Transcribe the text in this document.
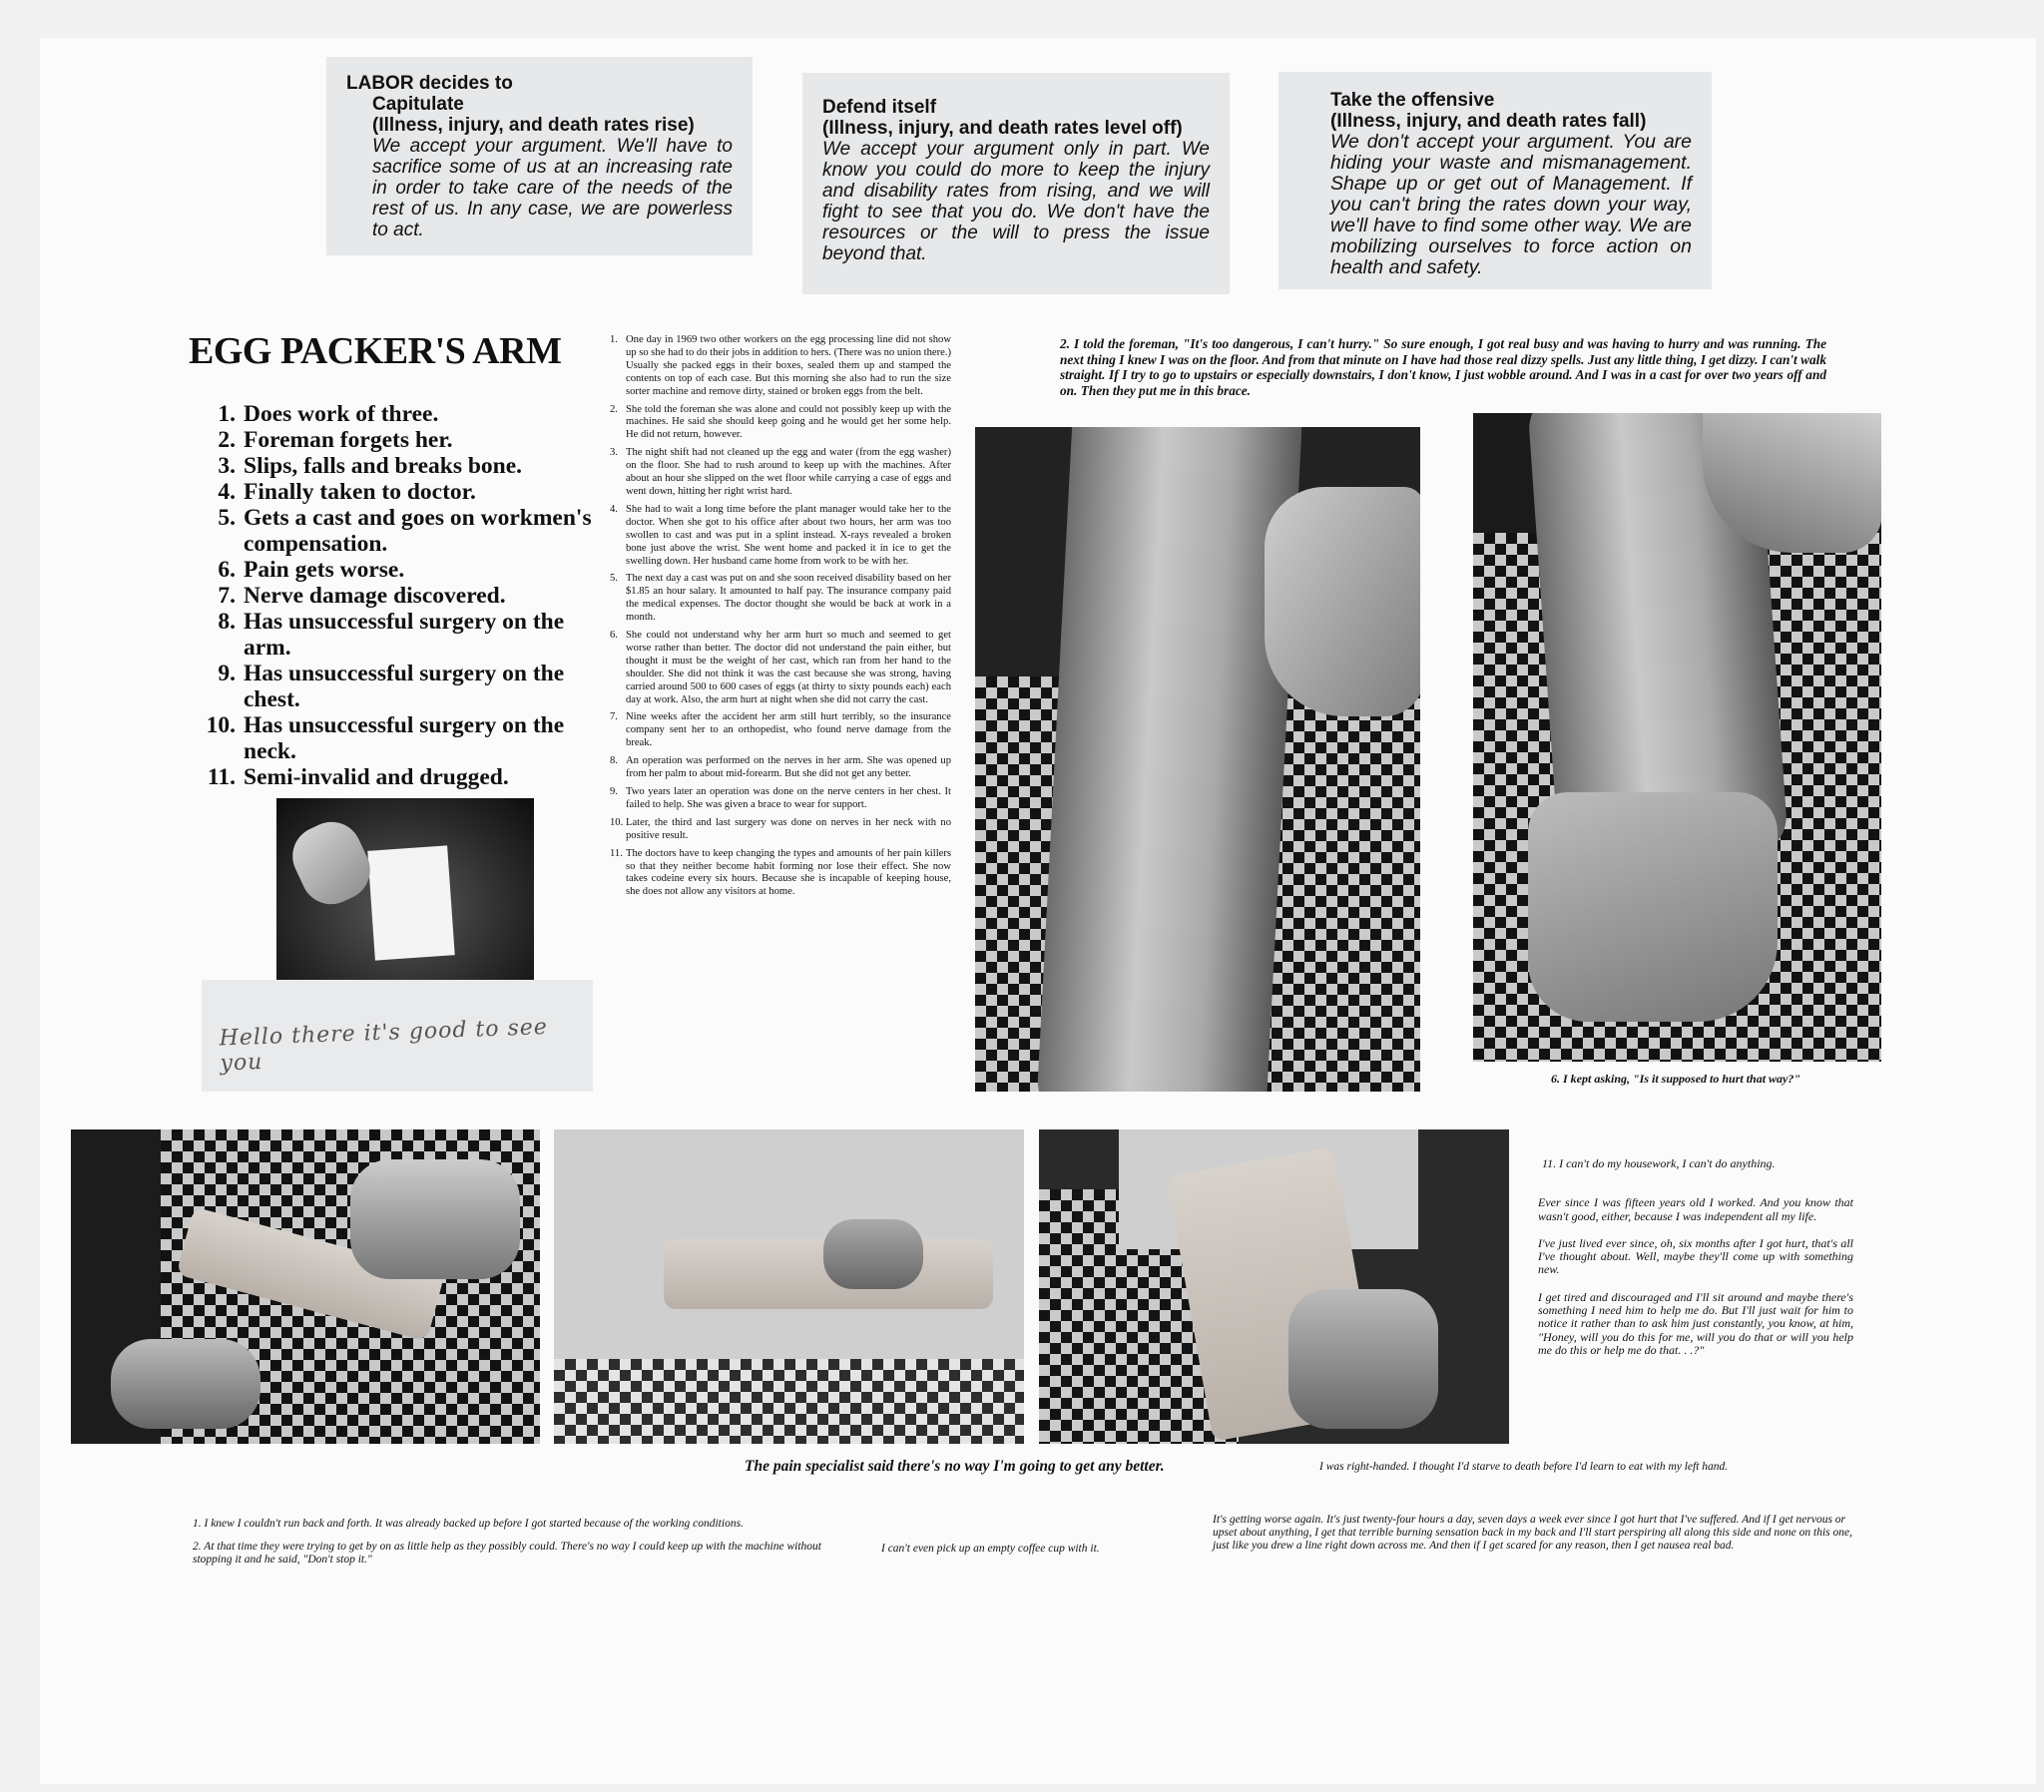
LABOR decides to
Capitulate
(Illness, injury, and death rates rise)
We accept your argument. We'll have to sacrifice some of us at an increasing rate in order to take care of the needs of the rest of us. In any case, we are powerless to act.
Defend itself
(Illness, injury, and death rates level off)
We accept your argument only in part. We know you could do more to keep the injury and disability rates from rising, and we will fight to see that you do. We don't have the resources or the will to press the issue beyond that.
Take the offensive
(Illness, injury, and death rates fall)
We don't accept your argument. You are hiding your waste and mismanagement. Shape up or get out of Management. If you can't bring the rates down your way, we'll have to find some other way. We are mobilizing ourselves to force action on health and safety.
EGG PACKER'S ARM
1. Does work of three.
2. Foreman forgets her.
3. Slips, falls and breaks bone.
4. Finally taken to doctor.
5. Gets a cast and goes on workmen's compensation.
6. Pain gets worse.
7. Nerve damage discovered.
8. Has unsuccessful surgery on the arm.
9. Has unsuccessful surgery on the chest.
10. Has unsuccessful surgery on the neck.
11. Semi-invalid and drugged.
Hello there it's good to see you
1. One day in 1969 two other workers on the egg processing line did not show up so she had to do their jobs in addition to hers. (There was no union there.) Usually she packed eggs in their boxes, sealed them up and stamped the contents on top of each case. But this morning she also had to run the size sorter machine and remove dirty, stained or broken eggs from the belt.
2. She told the foreman she was alone and could not possibly keep up with the machines. He said she should keep going and he would get her some help. He did not return, however.
3. The night shift had not cleaned up the egg and water (from the egg washer) on the floor. She had to rush around to keep up with the machines. After about an hour she slipped on the wet floor while carrying a case of eggs and went down, hitting her right wrist hard.
4. She had to wait a long time before the plant manager would take her to the doctor. When she got to his office after about two hours, her arm was too swollen to cast and was put in a splint instead. X-rays revealed a broken bone just above the wrist. She went home and packed it in ice to get the swelling down. Her husband came home from work to be with her.
5. The next day a cast was put on and she soon received disability based on her $1.85 an hour salary. It amounted to half pay. The insurance company paid the medical expenses. The doctor thought she would be back at work in a month.
6. She could not understand why her arm hurt so much and seemed to get worse rather than better. The doctor did not understand the pain either, but thought it must be the weight of her cast, which ran from her hand to the shoulder. She did not think it was the cast because she was strong, having carried around 500 to 600 cases of eggs (at thirty to sixty pounds each) each day at work. Also, the arm hurt at night when she did not carry the cast.
7. Nine weeks after the accident her arm still hurt terribly, so the insurance company sent her to an orthopedist, who found nerve damage from the break.
8. An operation was performed on the nerves in her arm. She was opened up from her palm to about mid-forearm. But she did not get any better.
9. Two years later an operation was done on the nerve centers in her chest. It failed to help. She was given a brace to wear for support.
10. Later, the third and last surgery was done on nerves in her neck with no positive result.
11. The doctors have to keep changing the types and amounts of her pain killers so that they neither become habit forming nor lose their effect. She now takes codeine every six hours. Because she is incapable of keeping house, she does not allow any visitors at home.
2. I told the foreman, "It's too dangerous, I can't hurry." So sure enough, I got real busy and was having to hurry and was running. The next thing I knew I was on the floor. And from that minute on I have had those real dizzy spells. Just any little thing, I get dizzy. I can't walk straight. If I try to go to upstairs or especially downstairs, I don't know, I just wobble around. And I was in a cast for over two years off and on. Then they put me in this brace.
6. I kept asking, "Is it supposed to hurt that way?"
11. I can't do my housework, I can't do anything.
Ever since I was fifteen years old I worked. And you know that wasn't good, either, because I was independent all my life.
I've just lived ever since, oh, six months after I got hurt, that's all I've thought about. Well, maybe they'll come up with something new.
I get tired and discouraged and I'll sit around and maybe there's something I need him to help me do. But I'll just wait for him to notice it rather than to ask him just constantly, you know, at him, "Honey, will you do this for me, will you do that or will you help me do this or help me do that. . .?"
The pain specialist said there's no way I'm going to get any better.	I was right-handed. I thought I'd starve to death before I'd learn to eat with my left hand.
1. I knew I couldn't run back and forth. It was already backed up before I got started because of the working conditions.
2. At that time they were trying to get by on as little help as they possibly could. There's no way I could keep up with the machine without stopping it and he said, "Don't stop it."
I can't even pick up an empty coffee cup with it.
It's getting worse again. It's just twenty-four hours a day, seven days a week ever since I got hurt that I've suffered. And if I get nervous or upset about anything, I get that terrible burning sensation back in my back and I'll start perspiring all along this side and none on this one, just like you drew a line right down across me. And then if I get scared for any reason, then I get nausea real bad.
